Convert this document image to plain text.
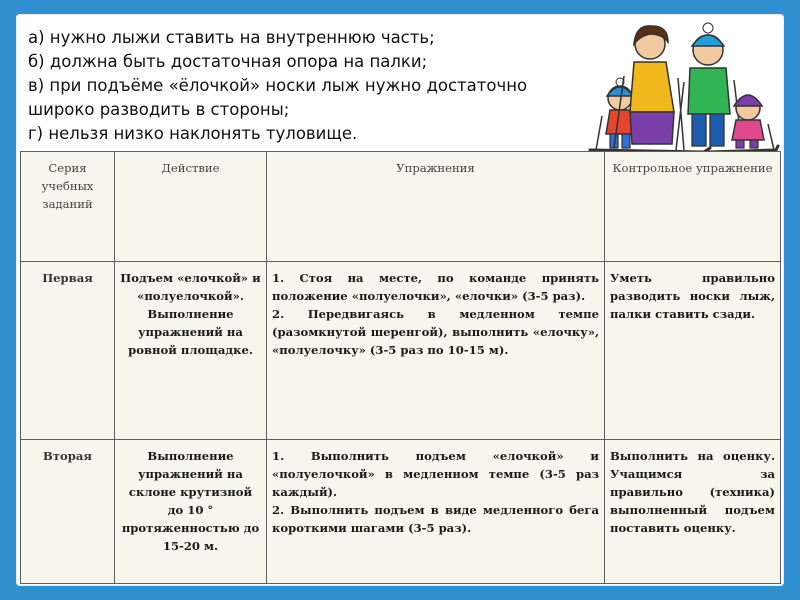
а) нужно лыжи ставить на внутреннюю часть;

б) должна быть достаточная опора на палки;

в) при подъёме «ёлочкой» носки лыж нужно достаточно

широко разводить в стороны;

г) нельзя низко наклонять туловище.

Серия учебных заданий	Действие	Упражнения	Контрольное упражнение
Первая	Подъем «елочкой» и «полуелочкой». Выполнение упражнений на ровной площадке.	1. Стоя на месте, по команде принять положение «полуелочки», «елочки» (3-5 раз).
2. Передвигаясь в медленном темпе (разомкнутой шеренгой), выполнить «елочку», «полуелочку» (3-5 раз по 10-15 м).	Уметь правильно разводить носки лыж, палки ставить сзади.
Вторая	Выполнение упражнений на склоне крутизной до 10 ° протяженностью до 15-20 м.	1. Выполнить подъем «елочкой» и «полуелочкой» в медленном темпе (3-5 раз каждый).
2. Выполнить подъем в виде медленного бега короткими шагами (3-5 раз).	Выполнить на оценку. Учащимся за правильно (техника) выполненный подъем поставить оценку.
